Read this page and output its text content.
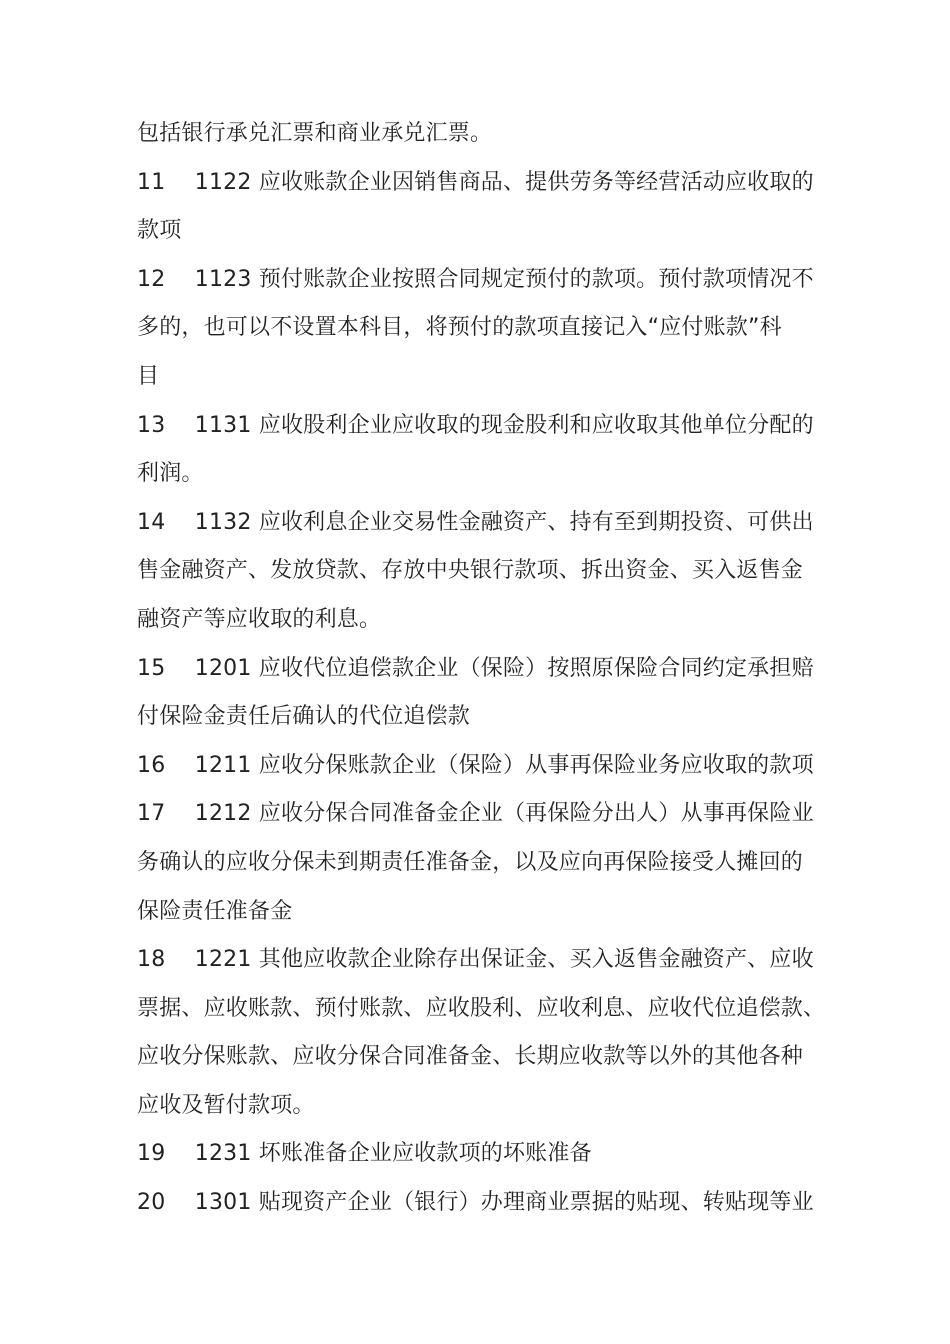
包括银行承兑汇票和商业承兑汇票。
11　 1122 应收账款企业因销售商品、提供劳务等经营活动应收取的
款项
12　 1123 预付账款企业按照合同规定预付的款项。预付款项情况不
多的，也可以不设置本科目，将预付的款项直接记入“应付账款”科
目
13　 1131 应收股利企业应收取的现金股利和应收取其他单位分配的
利润。
14　 1132 应收利息企业交易性金融资产、持有至到期投资、可供出
售金融资产、发放贷款、存放中央银行款项、拆出资金、买入返售金
融资产等应收取的利息。
15　 1201 应收代位追偿款企业（保险）按照原保险合同约定承担赔
付保险金责任后确认的代位追偿款
16　 1211 应收分保账款企业（保险）从事再保险业务应收取的款项
17　 1212 应收分保合同准备金企业（再保险分出人）从事再保险业
务确认的应收分保未到期责任准备金，以及应向再保险接受人摊回的
保险责任准备金
18　 1221 其他应收款企业除存出保证金、买入返售金融资产、应收
票据、应收账款、预付账款、应收股利、应收利息、应收代位追偿款、
应收分保账款、应收分保合同准备金、长期应收款等以外的其他各种
应收及暂付款项。
19　 1231 坏账准备企业应收款项的坏账准备
20　 1301 贴现资产企业（银行）办理商业票据的贴现、转贴现等业
